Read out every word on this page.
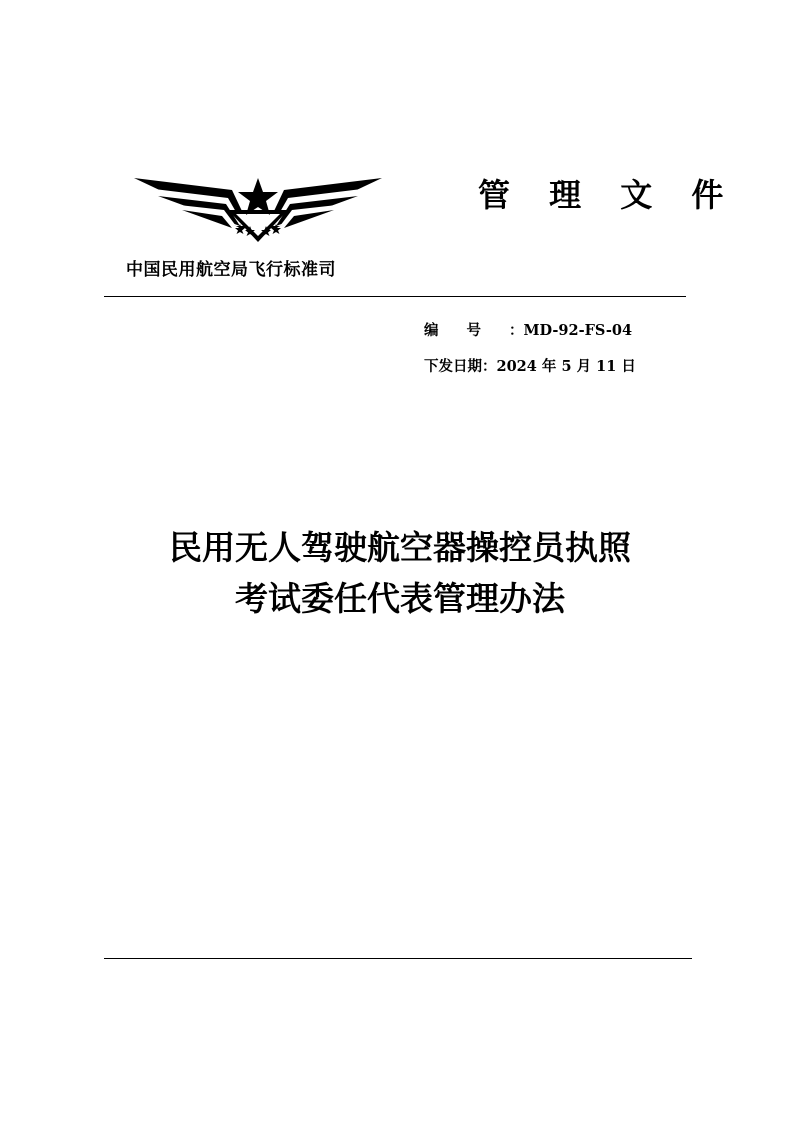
中国民用航空局飞行标准司
管 理 文 件
编号：MD-92-FS-04
下发日期：2024 年 5 月 11 日
民用无人驾驶航空器操控员执照
考试委任代表管理办法
